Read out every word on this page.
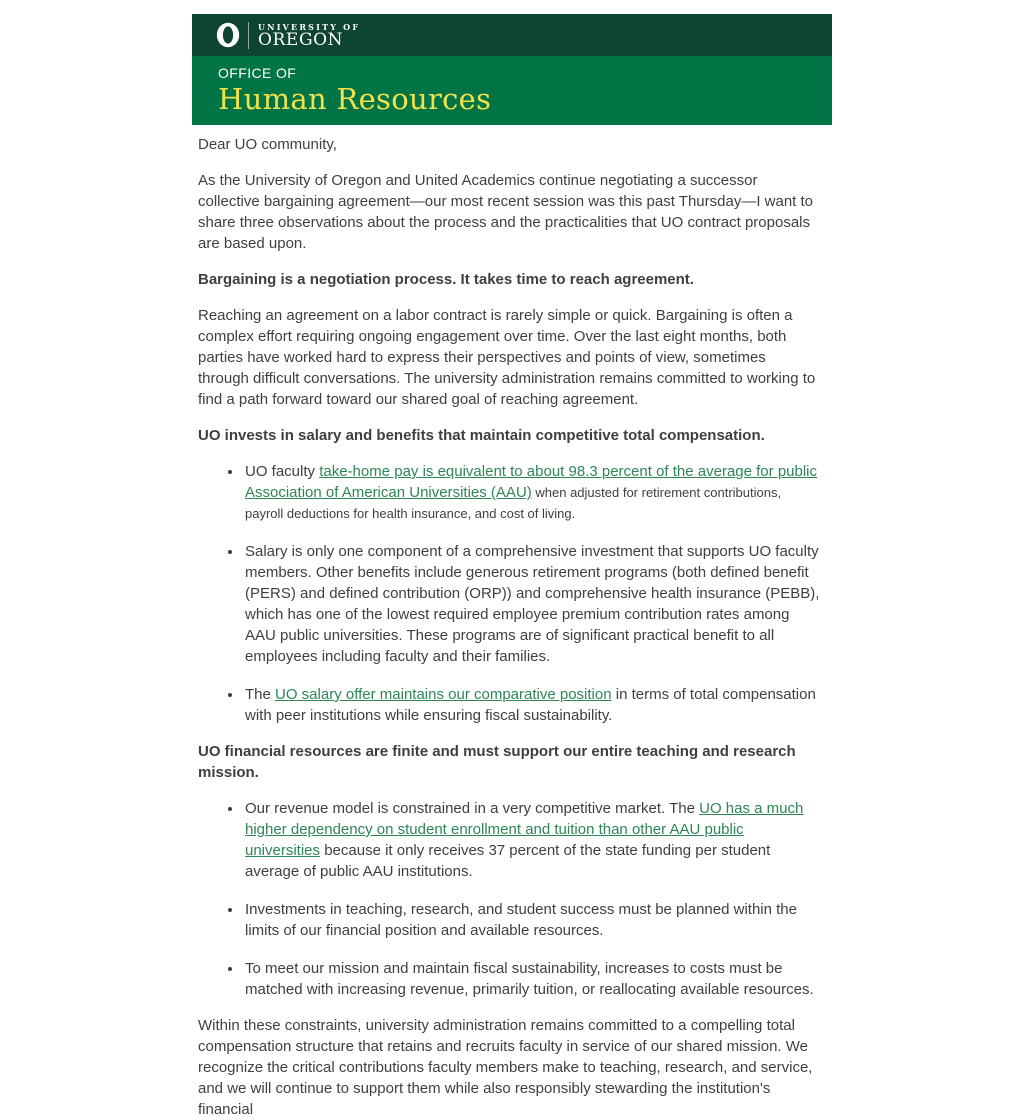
UNIVERSITY OF
OREGON
OFFICE OF
Human Resources

Dear UO community,

As the University of Oregon and United Academics continue negotiating a successor collective bargaining agreement—our most recent session was this past Thursday—I want to share three observations about the process and the practicalities that UO contract proposals are based upon.

Bargaining is a negotiation process. It takes time to reach agreement.

Reaching an agreement on a labor contract is rarely simple or quick. Bargaining is often a complex effort requiring ongoing engagement over time. Over the last eight months, both parties have worked hard to express their perspectives and points of view, sometimes through difficult conversations. The university administration remains committed to working to find a path forward toward our shared goal of reaching agreement.

UO invests in salary and benefits that maintain competitive total compensation.

• UO faculty take-home pay is equivalent to about 98.3 percent of the average for public Association of American Universities (AAU) when adjusted for retirement contributions, payroll deductions for health insurance, and cost of living.
• Salary is only one component of a comprehensive investment that supports UO faculty members. Other benefits include generous retirement programs (both defined benefit (PERS) and defined contribution (ORP)) and comprehensive health insurance (PEBB), which has one of the lowest required employee premium contribution rates among AAU public universities. These programs are of significant practical benefit to all employees including faculty and their families.
• The UO salary offer maintains our comparative position in terms of total compensation with peer institutions while ensuring fiscal sustainability.

UO financial resources are finite and must support our entire teaching and research mission.

• Our revenue model is constrained in a very competitive market. The UO has a much higher dependency on student enrollment and tuition than other AAU public universities because it only receives 37 percent of the state funding per student average of public AAU institutions.
• Investments in teaching, research, and student success must be planned within the limits of our financial position and available resources.
• To meet our mission and maintain fiscal sustainability, increases to costs must be matched with increasing revenue, primarily tuition, or reallocating available resources.

Within these constraints, university administration remains committed to a compelling total compensation structure that retains and recruits faculty in service of our shared mission. We recognize the critical contributions faculty members make to teaching, research, and service, and we will continue to support them while also responsibly stewarding the institution's financial
